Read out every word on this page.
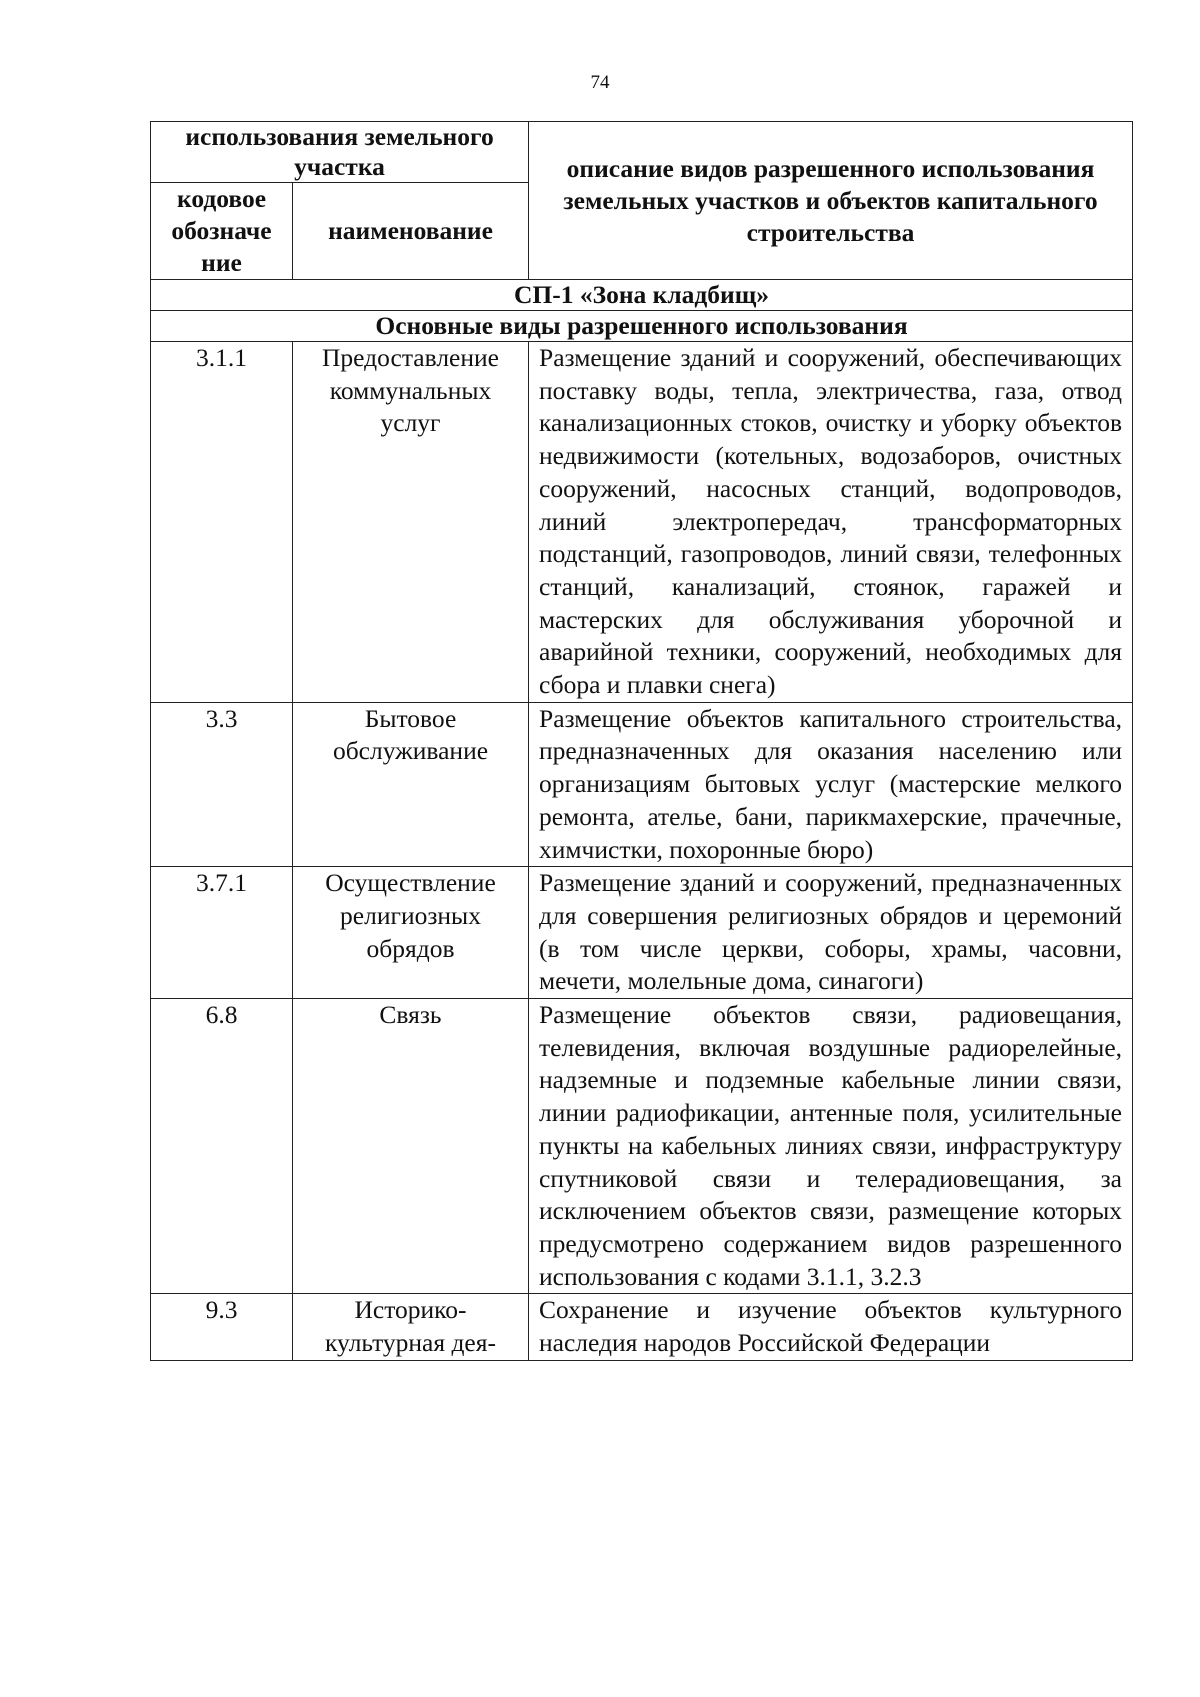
74
использования земельного участка		описание видов разрешенного использования земельных участков и объектов капитального строительства
кодовое обозначе ние	наименование	
СП-1 «Зона кладбищ»		
Основные виды разрешенного использования		
3.1.1	Предоставление коммунальных услуг	Размещение зданий и сооружений, обеспечивающих поставку воды, тепла, электричества, газа, отвод канализационных стоков, очистку и уборку объектов недвижимости (котельных, водозаборов, очистных сооружений, насосных станций, водопроводов, линий электропередач, трансформаторных подстанций, газопроводов, линий связи, телефонных станций, канализаций, стоянок, гаражей и мастерских для обслуживания уборочной и аварийной техники, сооружений, необходимых для сбора и плавки снега)
3.3	Бытовое обслуживание	Размещение объектов капитального строительства, предназначенных для оказания населению или организациям бытовых услуг (мастерские мелкого ремонта, ателье, бани, парикмахерские, прачечные, химчистки, похоронные бюро)
3.7.1	Осуществление религиозных обрядов	Размещение зданий и сооружений, предназначенных для совершения религиозных обрядов и церемоний (в том числе церкви, соборы, храмы, часовни, мечети, молельные дома, синагоги)
6.8	Связь	Размещение объектов связи, радиовещания, телевидения, включая воздушные радиорелейные, надземные и подземные кабельные линии связи, линии радиофикации, антенные поля, усилительные пункты на кабельных линиях связи, инфраструктуру спутниковой связи и телерадиовещания, за исключением объектов связи, размещение которых предусмотрено содержанием видов разрешенного использования с кодами 3.1.1, 3.2.3
9.3	Историко-культурная дея-	Сохранение и изучение объектов культурного наследия народов Российской Федерации
